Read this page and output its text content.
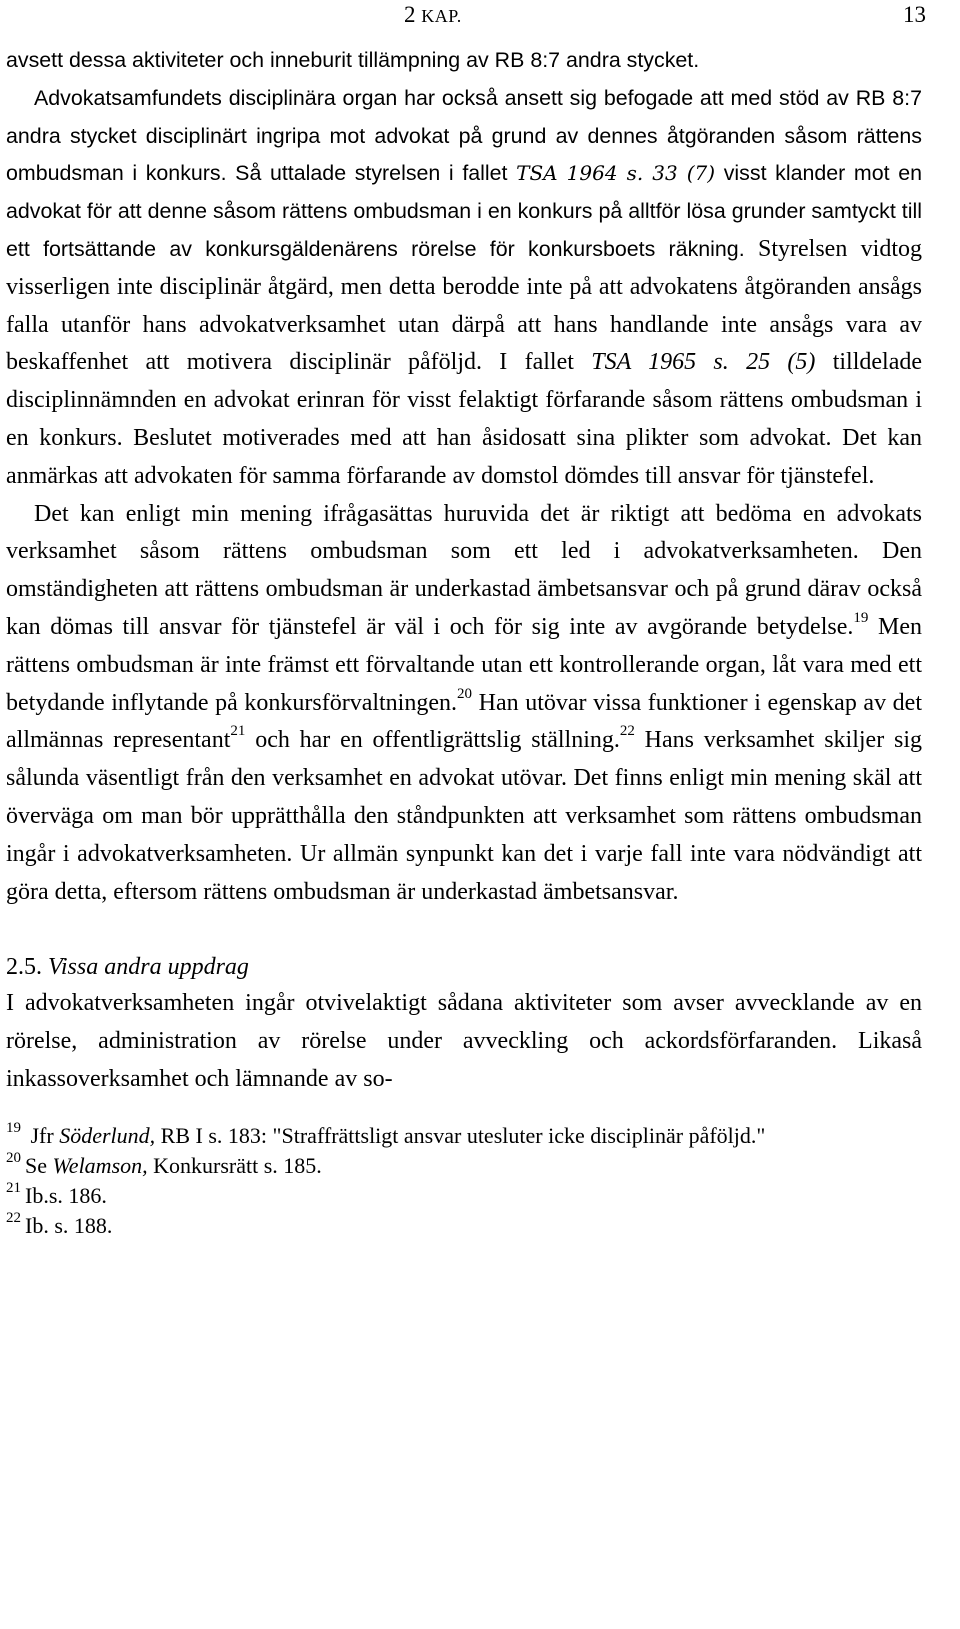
2 KAP.	13

avsett dessa aktiviteter och inneburit tillämpning av RB 8:7 andra stycket.
Advokatsamfundets disciplinära organ har också ansett sig befogade att med stöd av RB 8:7 andra stycket disciplinärt ingripa mot advokat på grund av dennes åtgöranden såsom rättens ombudsman i konkurs. Så uttalade styrelsen i fallet TSA 1964 s. 33 (7) visst klander mot en advokat för att denne såsom rättens ombudsman i en konkurs på alltför lösa grunder samtyckt till ett fortsättande av konkursgäldenärens rörelse för konkursboets räkning. Styrelsen vidtog visserligen inte disciplinär åtgärd, men detta berodde inte på att advokatens åtgöranden ansågs falla utanför hans advokatverksamhet utan därpå att hans handlande inte ansågs vara av beskaffenhet att motivera disciplinär påföljd. I fallet TSA 1965 s. 25 (5) tilldelade disciplinnämnden en advokat erinran för visst felaktigt förfarande såsom rättens ombudsman i en konkurs. Beslutet motiverades med att han åsidosatt sina plikter som advokat. Det kan anmärkas att advokaten för samma förfarande av domstol dömdes till ansvar för tjänstefel.

Det kan enligt min mening ifrågasättas huruvida det är riktigt att bedöma en advokats verksamhet såsom rättens ombudsman som ett led i advokatverksamheten. Den omständigheten att rättens ombudsman är underkastad ämbetsansvar och på grund därav också kan dömas till ansvar för tjänstefel är väl i och för sig inte av avgörande betydelse.$^{19}$ Men rättens ombudsman är inte främst ett förvaltande utan ett kontrollerande organ, låt vara med ett betydande inflytande på konkursförvaltningen.$^{20}$ Han utövar vissa funktioner i egenskap av det allmännas representant$^{21}$ och har en offentligrättslig ställning.$^{22}$ Hans verksamhet skiljer sig sålunda väsentligt från den verksamhet en advokat utövar. Det finns enligt min mening skäl att överväga om man bör upprätthålla den ståndpunkten att verksamhet som rättens ombudsman ingår i advokatverksamheten. Ur allmän synpunkt kan det i varje fall inte vara nödvändigt att göra detta, eftersom rättens ombudsman är underkastad ämbetsansvar.

2.5. Vissa andra uppdrag

I advokatverksamheten ingår otvivelaktigt sådana aktiviteter som avser avvecklande av en rörelse, administration av rörelse under avveckling och ackordsförfaranden. Likaså inkassoverksamhet och lämnande av so-

$^{19}$ Jfr Söderlund, RB I s. 183: "Straffrättsligt ansvar utesluter icke disciplinär påföljd."

$^{20}$ Se Welamson, Konkursrätt s. 185.

$^{21}$ Ib.s. 186.

$^{22}$ Ib. s. 188.
